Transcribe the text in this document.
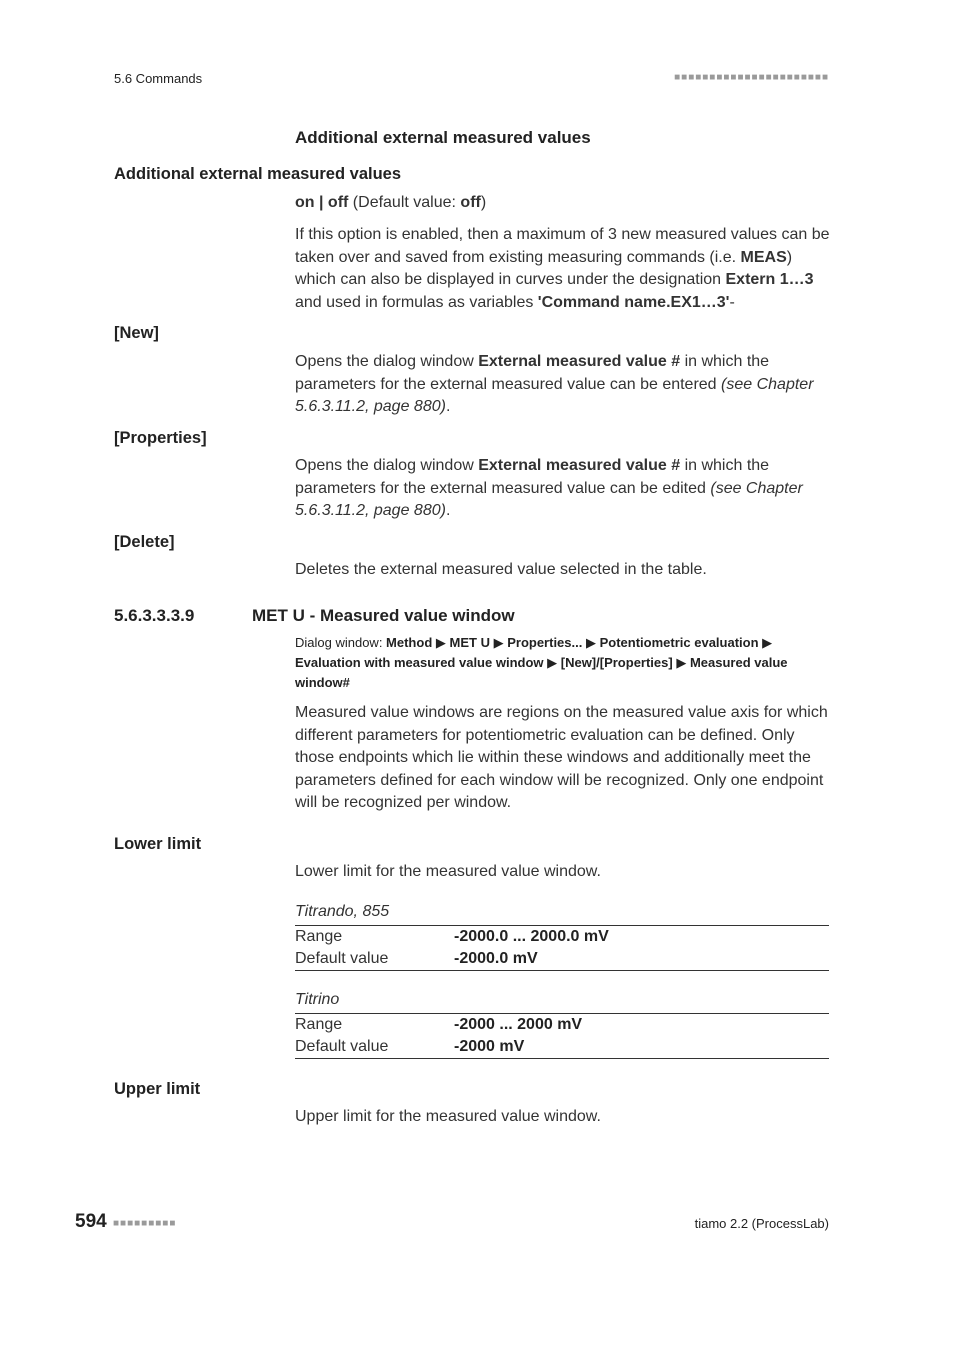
5.6 Commands	■■■■■■■■■■■■■■■■■■■■■■
Additional external measured values
Additional external measured values
on | off (Default value: off)
If this option is enabled, then a maximum of 3 new measured values can be taken over and saved from existing measuring commands (i.e. MEAS) which can also be displayed in curves under the designation Extern 1…3 and used in formulas as variables 'Command name.EX1…3'-
[New]
Opens the dialog window External measured value # in which the parameters for the external measured value can be entered (see Chapter 5.6.3.11.2, page 880).
[Properties]
Opens the dialog window External measured value # in which the parameters for the external measured value can be edited (see Chapter 5.6.3.11.2, page 880).
[Delete]
Deletes the external measured value selected in the table.
5.6.3.3.3.9	MET U - Measured value window
Dialog window: Method ▶ MET U ▶ Properties... ▶ Potentiometric evaluation ▶ Evaluation with measured value window ▶ [New]/[Properties] ▶ Measured value window#
Measured value windows are regions on the measured value axis for which different parameters for potentiometric evaluation can be defined. Only those endpoints which lie within these windows and additionally meet the parameters defined for each window will be recognized. Only one endpoint will be recognized per window.
Lower limit
Lower limit for the measured value window.
Titrando, 855
Range	-2000.0 ... 2000.0 mV
Default value	-2000.0 mV
Titrino
Range	-2000 ... 2000 mV
Default value	-2000 mV
Upper limit
Upper limit for the measured value window.
594 ■■■■■■■■■	tiamo 2.2 (ProcessLab)
